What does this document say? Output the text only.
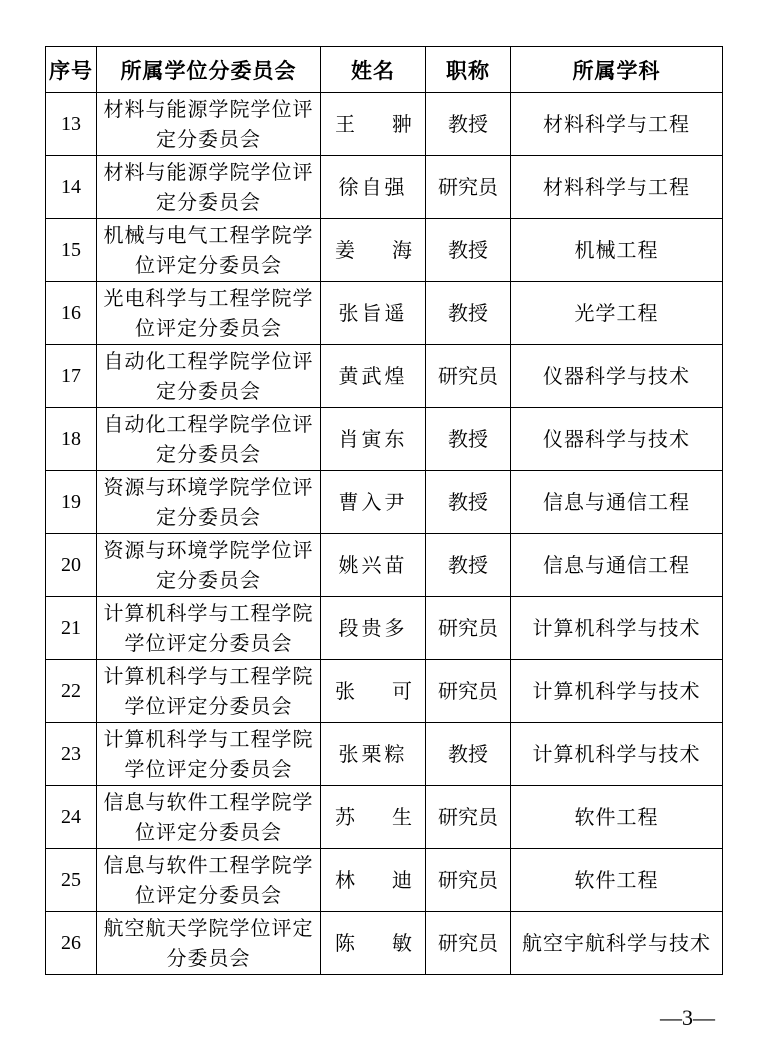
序号	所属学位分委员会	姓名	职称	所属学科
13	材料与能源学院学位评定分委员会	王 翀	教授	材料科学与工程
14	材料与能源学院学位评定分委员会	徐自强	研究员	材料科学与工程
15	机械与电气工程学院学位评定分委员会	姜 海	教授	机械工程
16	光电科学与工程学院学位评定分委员会	张旨遥	教授	光学工程
17	自动化工程学院学位评定分委员会	黄武煌	研究员	仪器科学与技术
18	自动化工程学院学位评定分委员会	肖寅东	教授	仪器科学与技术
19	资源与环境学院学位评定分委员会	曹入尹	教授	信息与通信工程
20	资源与环境学院学位评定分委员会	姚兴苗	教授	信息与通信工程
21	计算机科学与工程学院学位评定分委员会	段贵多	研究员	计算机科学与技术
22	计算机科学与工程学院学位评定分委员会	张 可	研究员	计算机科学与技术
23	计算机科学与工程学院学位评定分委员会	张栗粽	教授	计算机科学与技术
24	信息与软件工程学院学位评定分委员会	苏 生	研究员	软件工程
25	信息与软件工程学院学位评定分委员会	林 迪	研究员	软件工程
26	航空航天学院学位评定分委员会	陈 敏	研究员	航空宇航科学与技术
—3—
